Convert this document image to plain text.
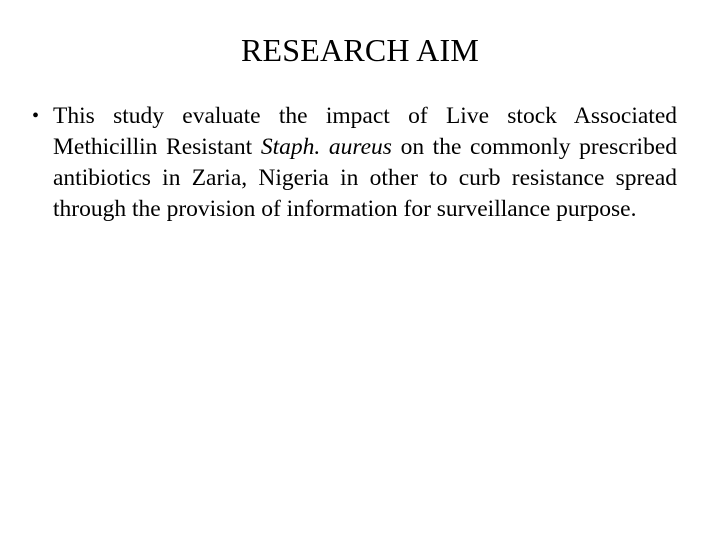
RESEARCH AIM
• This study evaluate the impact of Live stock Associated Methicillin Resistant Staph. aureus on the commonly prescribed antibiotics in Zaria, Nigeria in other to curb resistance spread through the provision of information for surveillance purpose.
